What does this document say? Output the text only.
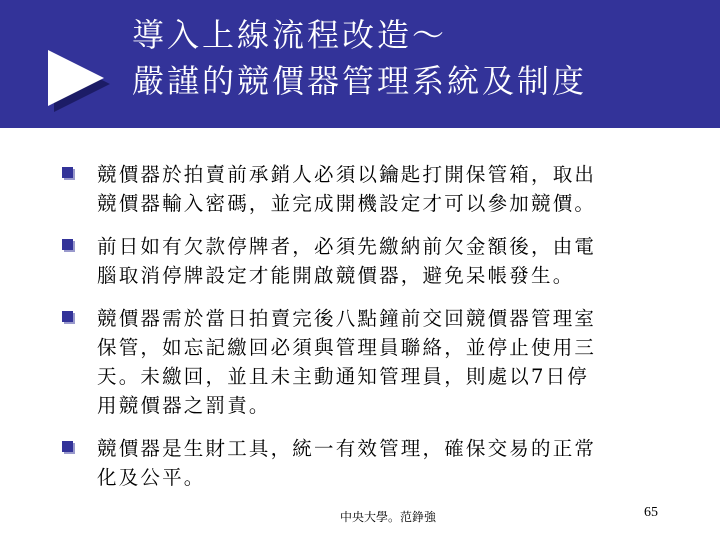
導入上線流程改造～
嚴謹的競價器管理系統及制度
競價器於拍賣前承銷人必須以鑰匙打開保管箱，取出
競價器輸入密碼，並完成開機設定才可以參加競價。
前日如有欠款停牌者，必須先繳納前欠金額後，由電
腦取消停牌設定才能開啟競價器，避免呆帳發生。
競價器需於當日拍賣完後八點鐘前交回競價器管理室
保管，如忘記繳回必須與管理員聯絡，並停止使用三
天。未繳回，並且未主動通知管理員，則處以7日停
用競價器之罰責。
競價器是生財工具，統一有效管理，確保交易的正常
化及公平。
中央大學。范錚強	65
